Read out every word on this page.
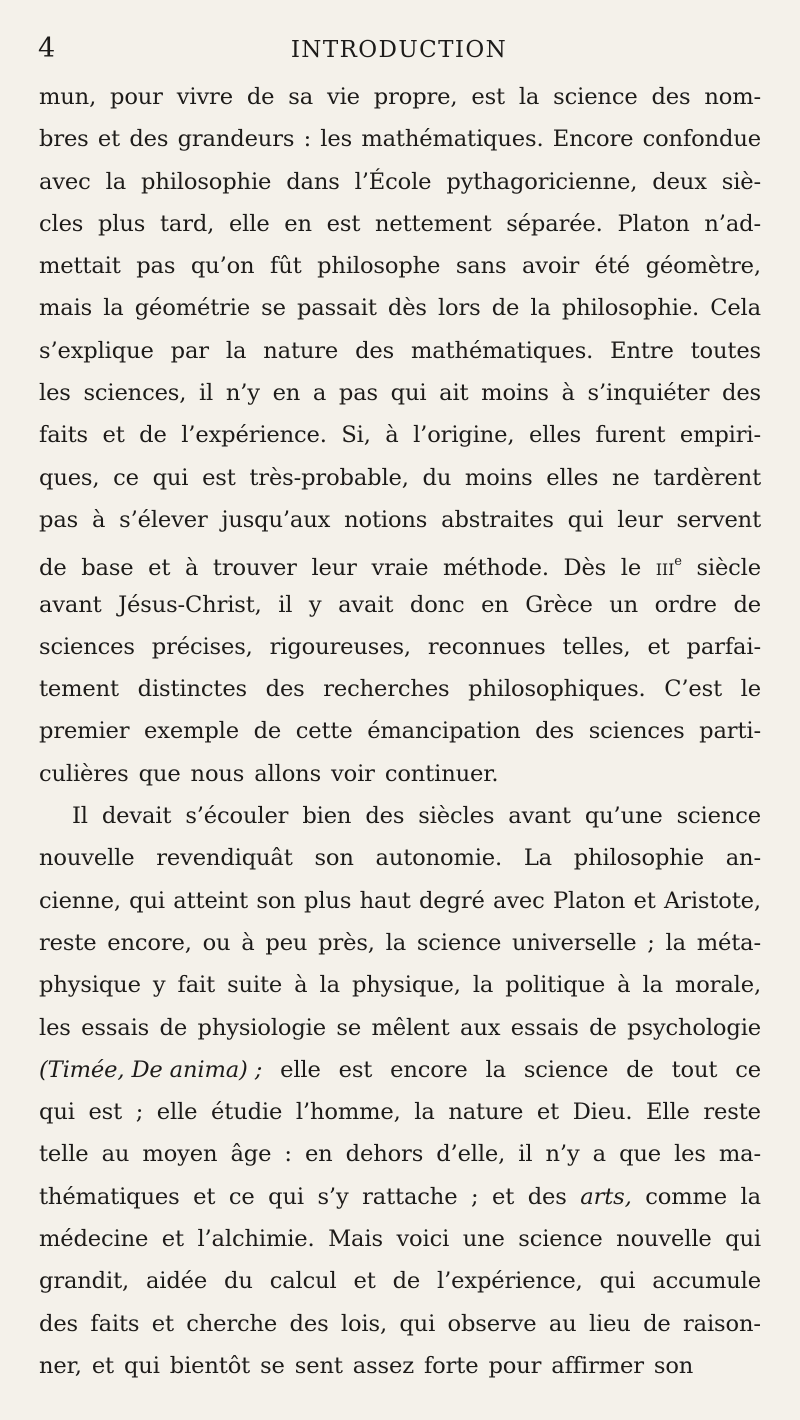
4	INTRODUCTION
mun, pour vivre de sa vie propre, est la science des nom-
bres et des grandeurs : les mathématiques. Encore confondue
avec la philosophie dans l’École pythagoricienne, deux siè-
cles plus tard, elle en est nettement séparée. Platon n’ad-
mettait pas qu’on fût philosophe sans avoir été géomètre,
mais la géométrie se passait dès lors de la philosophie. Cela
s’explique par la nature des mathématiques. Entre toutes
les sciences, il n’y en a pas qui ait moins à s’inquiéter des
faits et de l’expérience. Si, à l’origine, elles furent empiri-
ques, ce qui est très-probable, du moins elles ne tardèrent
pas à s’élever jusqu’aux notions abstraites qui leur servent
de base et à trouver leur vraie méthode. Dès le IIIe siècle
avant Jésus-Christ, il y avait donc en Grèce un ordre de
sciences précises, rigoureuses, reconnues telles, et parfai-
tement distinctes des recherches philosophiques. C’est le
premier exemple de cette émancipation des sciences parti-
culières que nous allons voir continuer.
Il devait s’écouler bien des siècles avant qu’une science
nouvelle revendiquât son autonomie. La philosophie an-
cienne, qui atteint son plus haut degré avec Platon et Aristote,
reste encore, ou à peu près, la science universelle ; la méta-
physique y fait suite à la physique, la politique à la morale,
les essais de physiologie se mêlent aux essais de psychologie
(Timée, De anima) ; elle est encore la science de tout ce
qui est ; elle étudie l’homme, la nature et Dieu. Elle reste
telle au moyen âge : en dehors d’elle, il n’y a que les ma-
thématiques et ce qui s’y rattache ; et des arts, comme la
médecine et l’alchimie. Mais voici une science nouvelle qui
grandit, aidée du calcul et de l’expérience, qui accumule
des faits et cherche des lois, qui observe au lieu de raison-
ner, et qui bientôt se sent assez forte pour affirmer son
